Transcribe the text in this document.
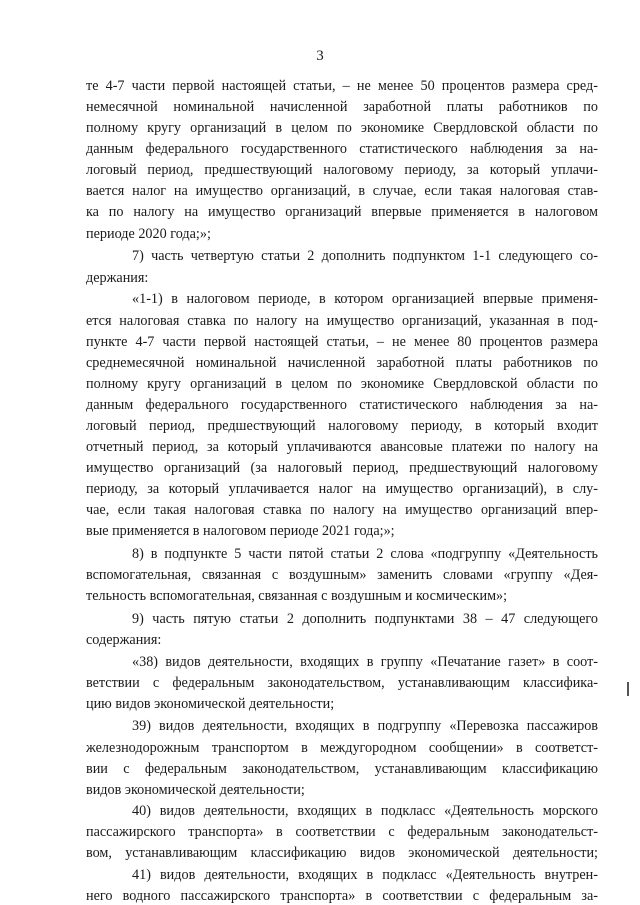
3
те 4-7 части первой настоящей статьи, – не менее 50 процентов размера сред-
немесячной номинальной начисленной заработной платы работников по
полному кругу организаций в целом по экономике Свердловской области по
данным федерального государственного статистического наблюдения за на-
логовый период, предшествующий налоговому периоду, за который уплачи-
вается налог на имущество организаций, в случае, если такая налоговая став-
ка по налогу на имущество организаций впервые применяется в налоговом
периоде 2020 года;»;
7) часть четвертую статьи 2 дополнить подпунктом 1-1 следующего со-
держания:
«1-1) в налоговом периоде, в котором организацией впервые применя-
ется налоговая ставка по налогу на имущество организаций, указанная в под-
пункте 4-7 части первой настоящей статьи, – не менее 80 процентов размера
среднемесячной номинальной начисленной заработной платы работников по
полному кругу организаций в целом по экономике Свердловской области по
данным федерального государственного статистического наблюдения за на-
логовый период, предшествующий налоговому периоду, в который входит
отчетный период, за который уплачиваются авансовые платежи по налогу на
имущество организаций (за налоговый период, предшествующий налоговому
периоду, за который уплачивается налог на имущество организаций), в слу-
чае, если такая налоговая ставка по налогу на имущество организаций впер-
вые применяется в налоговом периоде 2021 года;»;
8) в подпункте 5 части пятой статьи 2 слова «подгруппу «Деятельность
вспомогательная, связанная с воздушным» заменить словами «группу «Дея-
тельность вспомогательная, связанная с воздушным и космическим»;
9) часть пятую статьи 2 дополнить подпунктами 38 – 47 следующего
содержания:
«38) видов деятельности, входящих в группу «Печатание газет» в соот-
ветствии с федеральным законодательством, устанавливающим классифика-
цию видов экономической деятельности;
39) видов деятельности, входящих в подгруппу «Перевозка пассажиров
железнодорожным транспортом в междугородном сообщении» в соответст-
вии с федеральным законодательством, устанавливающим классификацию
видов экономической деятельности;
40) видов деятельности, входящих в подкласс «Деятельность морского
пассажирского транспорта» в соответствии с федеральным законодательст-
вом, устанавливающим классификацию видов экономической деятельности;
41) видов деятельности, входящих в подкласс «Деятельность внутрен-
него водного пассажирского транспорта» в соответствии с федеральным за-
